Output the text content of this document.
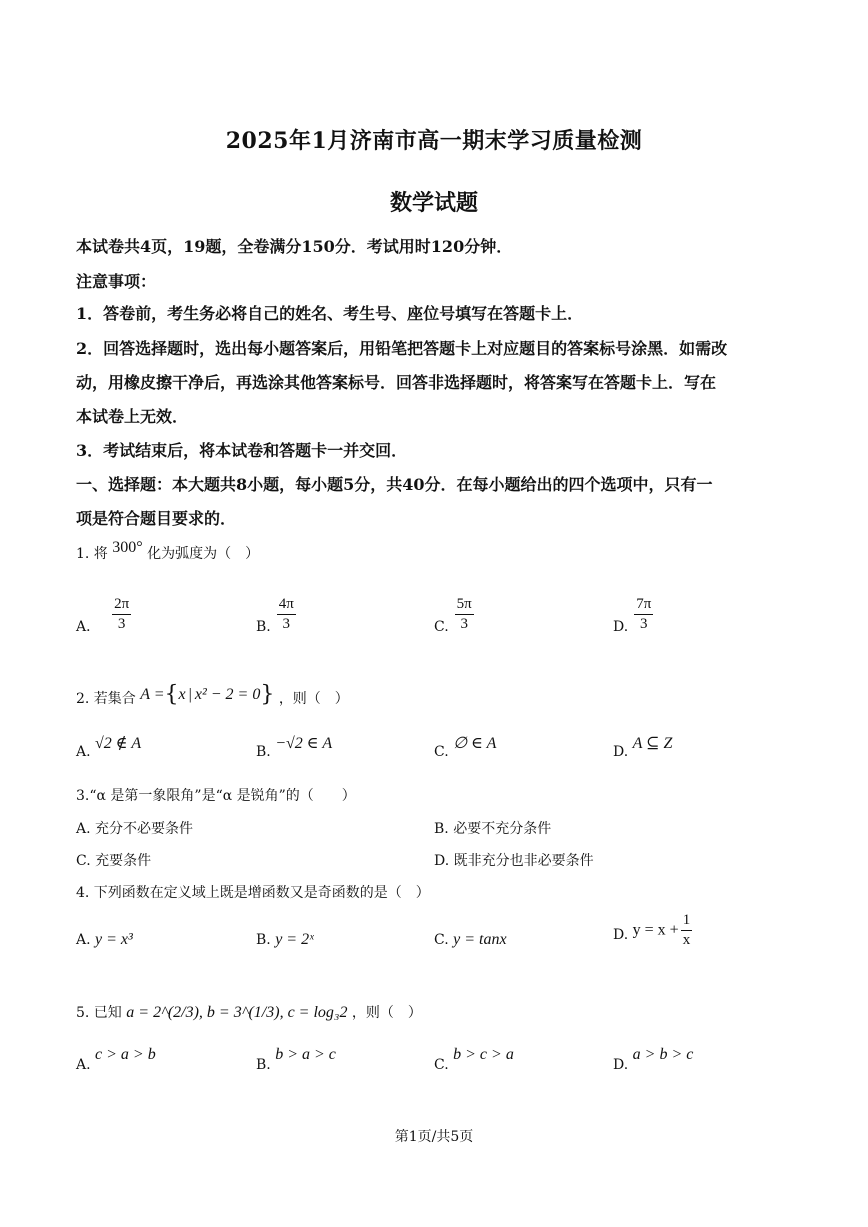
2025年1月济南市高一期末学习质量检测
数学试题
本试卷共4页，19题，全卷满分150分．考试用时120分钟．
注意事项：
1．答卷前，考生务必将自己的姓名、考生号、座位号填写在答题卡上．
2．回答选择题时，选出每小题答案后，用铅笔把答题卡上对应题目的答案标号涂黑．如需改
动，用橡皮擦干净后，再选涂其他答案标号．回答非选择题时，将答案写在答题卡上．写在
本试卷上无效．
3．考试结束后，将本试卷和答题卡一并交回．
一、选择题：本大题共8小题，每小题5分，共40分．在每小题给出的四个选项中，只有一
项是符合题目要求的．
1. 将 300° 化为弧度为（　）
A． $\frac{2\pi}{3}$	B. $\frac{4\pi}{3}$	C. $\frac{5\pi}{3}$	D. $\frac{7\pi}{3}$
2. 若集合 A ={x | x² − 2 = 0} ，则（　）
A. √2 ∉ A	B. −√2 ∈ A	C. ∅ ∈ A	D. A ⊆ Z
3.“α 是第一象限角”是“α 是锐角”的（　　）
A. 充分不必要条件	B. 必要不充分条件
C. 充要条件	D. 既非充分也非必要条件
4. 下列函数在定义域上既是增函数又是奇函数的是（　）
A. y = x³	B. y = 2ˣ	C. y = tanx	D. $y = x + \frac{1}{x}$
5. 已知 a = 2^(2/3), b = 3^(1/3), c = log₃2 ，则（　）
A. c > a > b
B. b > a > c
C. b > c > a
D. a > b > c
第1页/共5页
